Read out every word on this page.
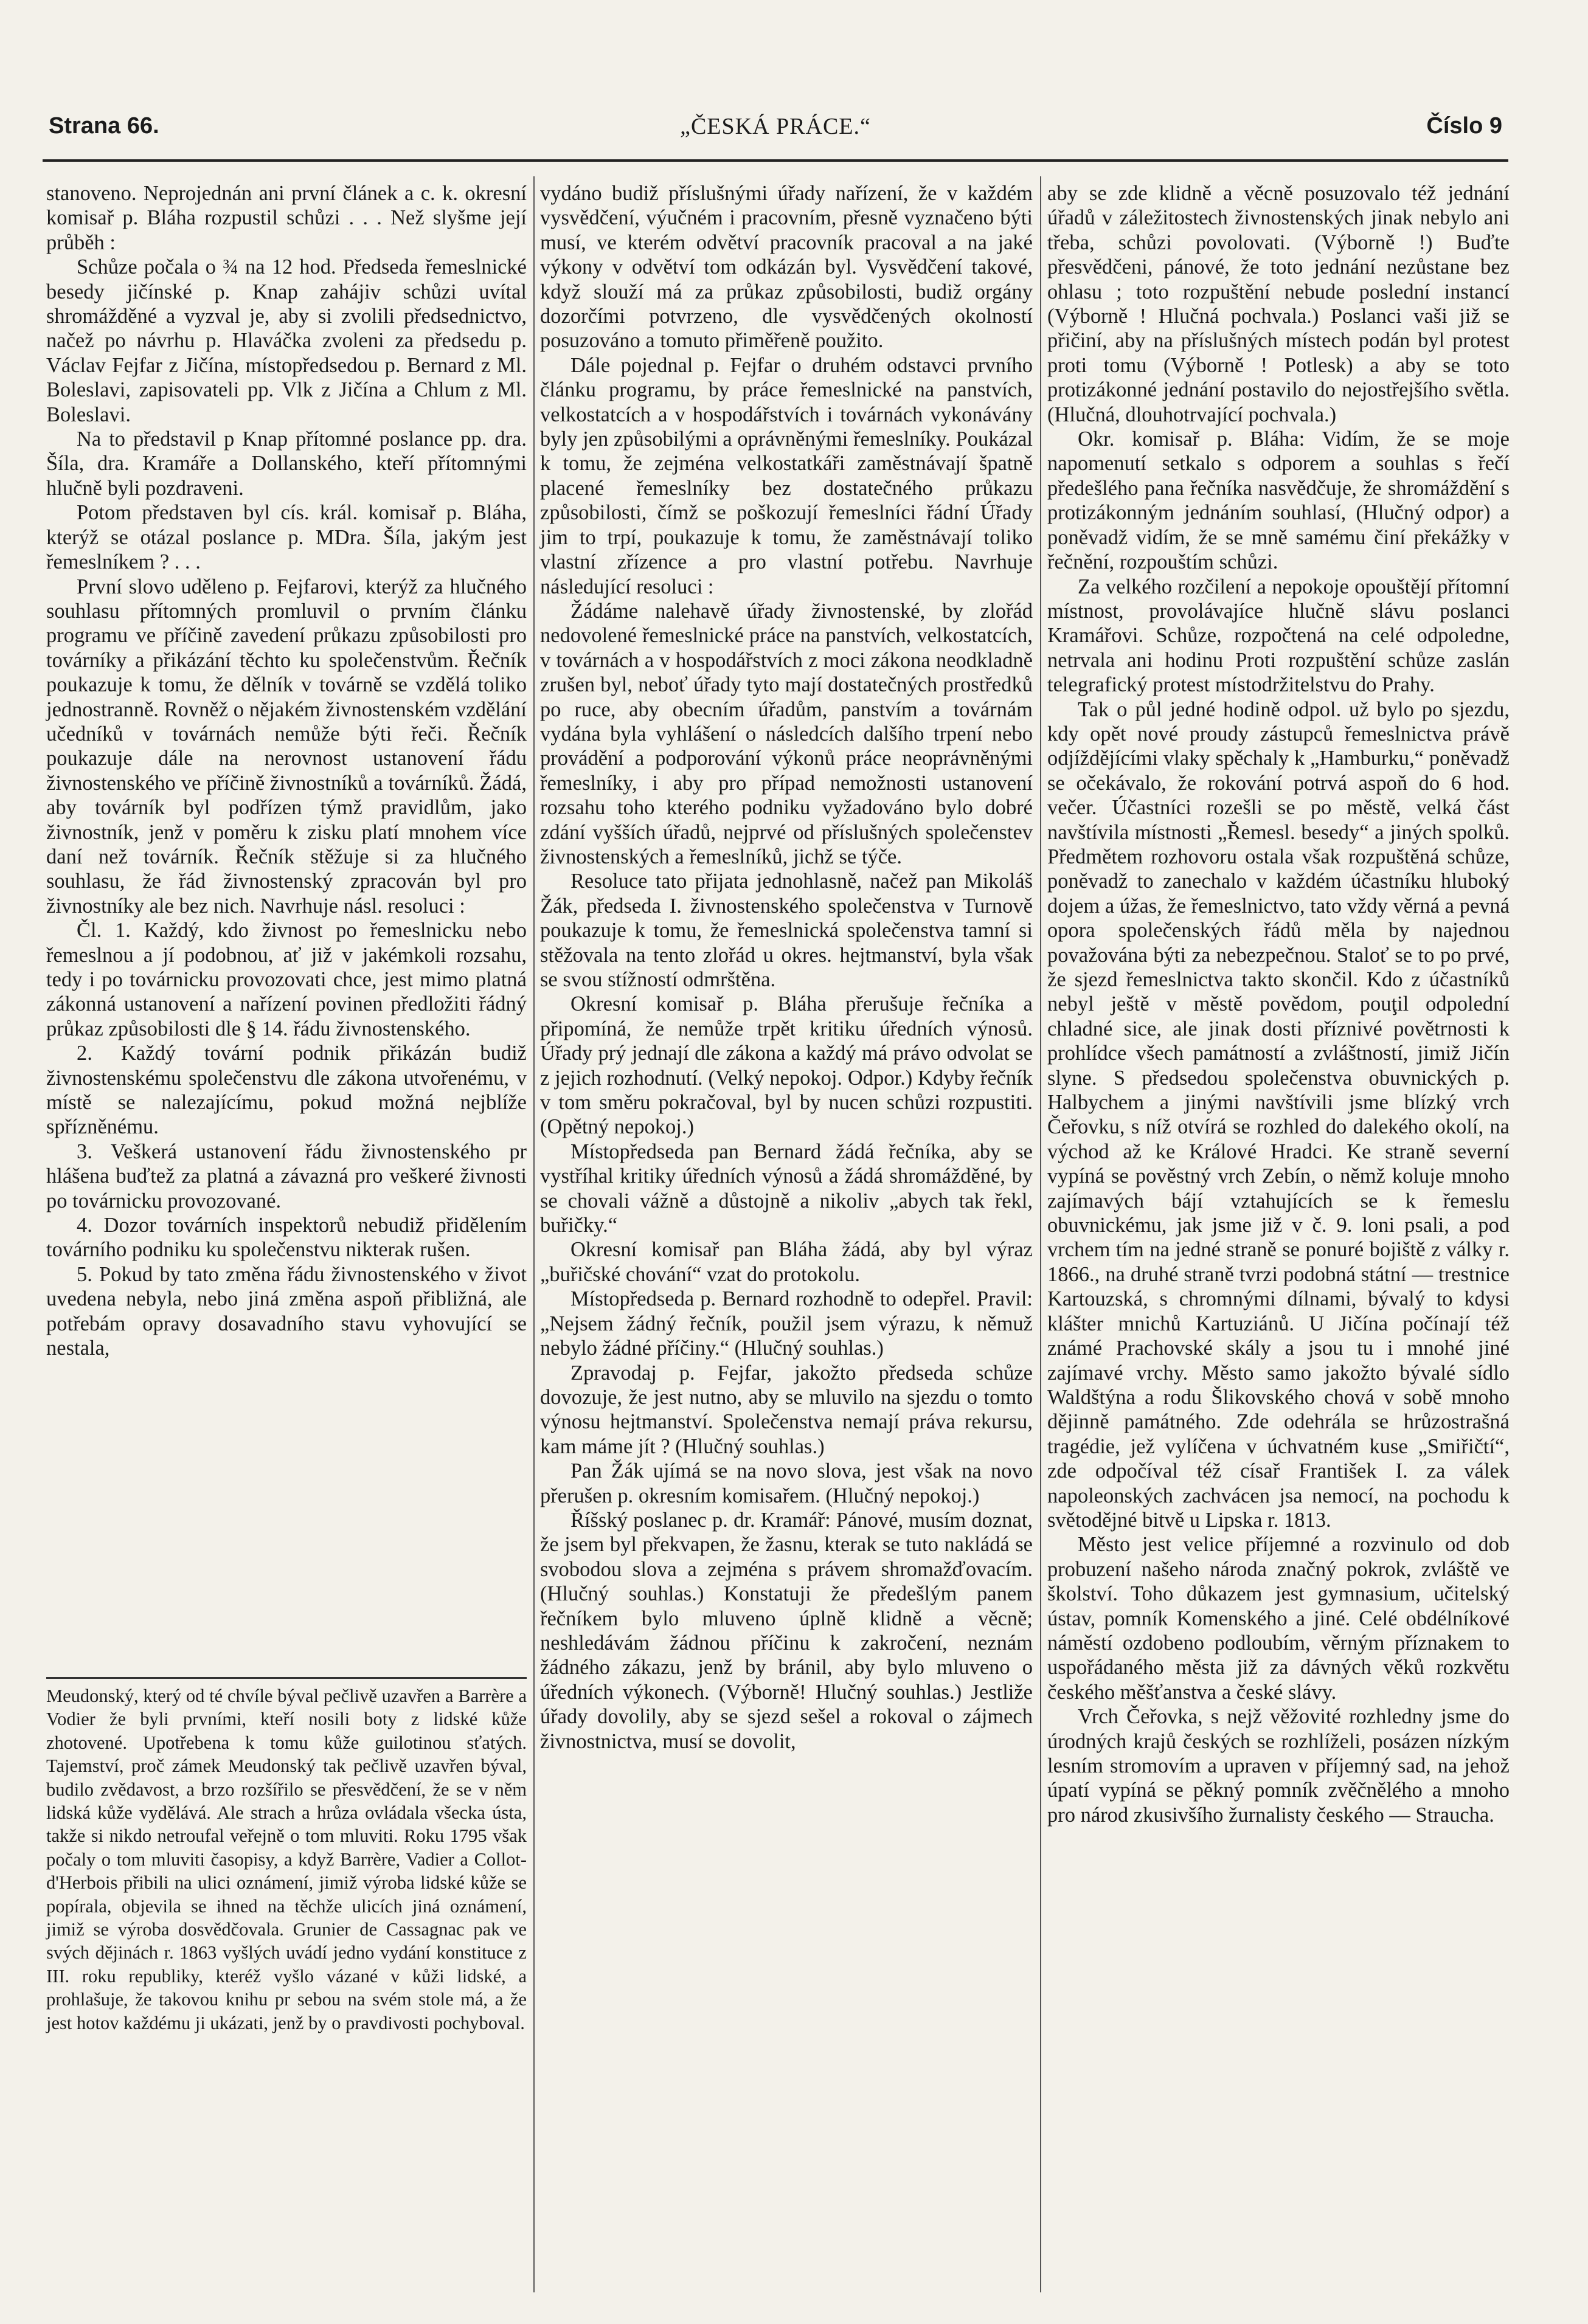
Strana 66.	„ČESKÁ PRÁCE.“	Číslo 9

stanoveno. Neprojednán ani první článek a c. k. okresní komisař p. Bláha rozpustil schůzi . . . Než slyšme její průběh :

Schůze počala o ¾ na 12 hod. Předseda řemeslnické besedy jičínské p. Knap zahájiv schůzi uvítal shromážděné a vyzval je, aby si zvolili předsednictvo, načež po návrhu p. Hlaváčka zvoleni za předsedu p. Václav Fejfar z Jičína, místopředsedou p. Bernard z Ml. Boleslavi, zapisovateli pp. Vlk z Jičína a Chlum z Ml. Boleslavi.

Na to představil p Knap přítomné poslance pp. dra. Šíla, dra. Kramáře a Dollanského, kteří přítomnými hlučně byli pozdraveni.

Potom představen byl cís. král. komisař p. Bláha, kterýž se otázal poslance p. MDra. Šíla, jakým jest řemeslníkem ? . . .

První slovo uděleno p. Fejfarovi, kterýž za hlučného souhlasu přítomných promluvil o prvním článku programu ve příčině zavedení průkazu způsobilosti pro továrníky a přikázání těchto ku společenstvům. Řečník poukazuje k tomu, že dělník v továrně se vzdělá toliko jednostranně. Rovněž o nějakém živnostenském vzdělání učedníků v továrnách nemůže býti řeči. Řečník poukazuje dále na nerovnost ustanovení řádu živnostenského ve příčině živnostníků a továrníků. Žádá, aby továrník byl podřízen týmž pravidlům, jako živnostník, jenž v poměru k zisku platí mnohem více daní než továrník. Řečník stěžuje si za hlučného souhlasu, že řád živnostenský zpracován byl pro živnostníky ale bez nich. Navrhuje násl. resoluci :

Čl. 1. Každý, kdo živnost po řemeslnicku nebo řemeslnou a jí podobnou, ať již v jakémkoli rozsahu, tedy i po továrnicku provozovati chce, jest mimo platná zákonná ustanovení a nařízení povinen předložiti řádný průkaz způsobilosti dle § 14. řádu živnostenského.

2. Každý tovární podnik přikázán budiž živnostenskému společenstvu dle zákona utvořenému, v místě se nalezajícímu, pokud možná nejblíže spřízněnému.

3. Veškerá ustanovení řádu živnostenského pr hlášena buďtež za platná a závazná pro veškeré živnosti po továrnicku provozované.

4. Dozor továrních inspektorů nebudiž přidělením továrního podniku ku společenstvu nikterak rušen.

5. Pokud by tato změna řádu živnostenského v život uvedena nebyla, nebo jiná změna aspoň přibližná, ale potřebám opravy dosavadního stavu vyhovující se nestala,

Meudonský, který od té chvíle býval pečlivě uzavřen a Barrère a Vodier že byli prvními, kteří nosili boty z lidské kůže zhotovené. Upotřebena k tomu kůže guilotinou sťatých. Tajemství, proč zámek Meudonský tak pečlivě uzavřen býval, budilo zvědavost, a brzo rozšířilo se přesvědčení, že se v něm lidská kůže vydělává. Ale strach a hrůza ovládala všecka ústa, takže si nikdo netroufal veřejně o tom mluviti. Roku 1795 však počaly o tom mluviti časopisy, a když Barrère, Vadier a Collot-d'Herbois přibili na ulici oznámení, jimiž výroba lidské kůže se popírala, objevila se ihned na těchže ulicích jiná oznámení, jimiž se výroba dosvědčovala. Grunier de Cassagnac pak ve svých dějinách r. 1863 vyšlých uvádí jedno vydání konstituce z III. roku republiky, kteréž vyšlo vázané v kůži lidské, a prohlašuje, že takovou knihu pr sebou na svém stole má, a že jest hotov každému ji ukázati, jenž by o pravdivosti pochyboval.

vydáno budiž příslušnými úřady nařízení, že v každém vysvědčení, výučném i pracovním, přesně vyznačeno býti musí, ve kterém odvětví pracovník pracoval a na jaké výkony v odvětví tom odkázán byl. Vysvědčení takové, když slouží má za průkaz způsobilosti, budiž orgány dozorčími potvrzeno, dle vysvědčených okolností posuzováno a tomuto přiměřeně použito.

Dále pojednal p. Fejfar o druhém odstavci prvního článku programu, by práce řemeslnické na panstvích, velkostatcích a v hospodářstvích i továrnách vykonávány byly jen způsobilými a oprávněnými řemeslníky. Poukázal k tomu, že zejména velkostatkáři zaměstnávají špatně placené řemeslníky bez dostatečného průkazu způsobilosti, čímž se poškozují řemeslníci řádní Úřady jim to trpí, poukazuje k tomu, že zaměstnávají toliko vlastní zřízence a pro vlastní potřebu. Navrhuje následující resoluci :

Žádáme nalehavě úřady živnostenské, by zlořád nedovolené řemeslnické práce na panstvích, velkostatcích, v továrnách a v hospodářstvích z moci zákona neodkladně zrušen byl, neboť úřady tyto mají dostatečných prostředků po ruce, aby obecním úřadům, panstvím a továrnám vydána byla vyhlášení o následcích dalšího trpení nebo provádění a podporování výkonů práce neoprávněnými řemeslníky, i aby pro případ nemožnosti ustanovení rozsahu toho kterého podniku vyžadováno bylo dobré zdání vyšších úřadů, nejprvé od příslušných společenstev živnostenských a řemeslníků, jichž se týče.

Resoluce tato přijata jednohlasně, načež pan Mikoláš Žák, předseda I. živnostenského společenstva v Turnově poukazuje k tomu, že řemeslnická společenstva tamní si stěžovala na tento zlořád u okres. hejtmanství, byla však se svou stížností odmrštěna.

Okresní komisař p. Bláha přerušuje řečníka a připomíná, že nemůže trpět kritiku úředních výnosů. Úřady prý jednají dle zákona a každý má právo odvolat se z jejich rozhodnutí. (Velký nepokoj. Odpor.) Kdyby řečník v tom směru pokračoval, byl by nucen schůzi rozpustiti. (Opětný nepokoj.)

Místopředseda pan Bernard žádá řečníka, aby se vystříhal kritiky úředních výnosů a žádá shromážděné, by se chovali vážně a důstojně a nikoliv „abych tak řekl, buřičky.“

Okresní komisař pan Bláha žádá, aby byl výraz „buřičské chování“ vzat do protokolu.

Místopředseda p. Bernard rozhodně to odepřel. Pravil: „Nejsem žádný řečník, použil jsem výrazu, k němuž nebylo žádné příčiny.“ (Hlučný souhlas.)

Zpravodaj p. Fejfar, jakožto předseda schůze dovozuje, že jest nutno, aby se mluvilo na sjezdu o tomto výnosu hejtmanství. Společenstva nemají práva rekursu, kam máme jít ? (Hlučný souhlas.)

Pan Žák ujímá se na novo slova, jest však na novo přerušen p. okresním komisařem. (Hlučný nepokoj.)

Říšský poslanec p. dr. Kramář: Pánové, musím doznat, že jsem byl překvapen, že žasnu, kterak se tuto nakládá se svobodou slova a zejména s právem shromažďovacím. (Hlučný souhlas.) Konstatuji že předešlým panem řečníkem bylo mluveno úplně klidně a věcně; neshledávám žádnou příčinu k zakročení, neznám žádného zákazu, jenž by bránil, aby bylo mluveno o úředních výkonech. (Výborně! Hlučný souhlas.) Jestliže úřady dovolily, aby se sjezd sešel a rokoval o zájmech živnostnictva, musí se dovolit,

aby se zde klidně a věcně posuzovalo též jednání úřadů v záležitostech živnostenských jinak nebylo ani třeba, schůzi povolovati. (Výborně !) Buďte přesvědčeni, pánové, že toto jednání nezůstane bez ohlasu ; toto rozpuštění nebude poslední instancí (Výborně ! Hlučná pochvala.) Poslanci vaši již se přičiní, aby na příslušných místech podán byl protest proti tomu (Výborně ! Potlesk) a aby se toto protizákonné jednání postavilo do nejostřejšího světla. (Hlučná, dlouhotrvající pochvala.)

Okr. komisař p. Bláha: Vidím, že se moje napomenutí setkalo s odporem a souhlas s řečí předešlého pana řečníka nasvědčuje, že shromáždění s protizákonným jednáním souhlasí, (Hlučný odpor) a poněvadž vidím, že se mně samému činí překážky v řečnění, rozpouštím schůzi.

Za velkého rozčilení a nepokoje opouštějí přítomní místnost, provolávajíce hlučně slávu poslanci Kramářovi. Schůze, rozpočtená na celé odpoledne, netrvala ani hodinu Proti rozpuštění schůze zaslán telegrafický protest místodržitelstvu do Prahy.

Tak o půl jedné hodině odpol. už bylo po sjezdu, kdy opět nové proudy zástupců řemeslnictva právě odjíždějícími vlaky spěchaly k „Hamburku,“ poněvadž se očekávalo, že rokování potrvá aspoň do 6 hod. večer. Účastníci rozešli se po městě, velká část navštívila místnosti „Řemesl. besedy“ a jiných spolků. Předmětem rozhovoru ostala však rozpuštěná schůze, poněvadž to zanechalo v každém účastníku hluboký dojem a úžas, že řemeslnictvo, tato vždy věrná a pevná opora společenských řádů měla by najednou považována býti za nebezpečnou. Staloť se to po prvé, že sjezd řemeslnictva takto skončil. Kdo z účastníků nebyl ještě v městě povědom, pouţil odpolední chladné sice, ale jinak dosti příznivé povětrnosti k prohlídce všech památností a zvláštností, jimiž Jičín slyne. S předsedou společenstva obuvnických p. Halbychem a jinými navštívili jsme blízký vrch Čeřovku, s níž otvírá se rozhled do dalekého okolí, na východ až ke Králové Hradci. Ke straně severní vypíná se pověstný vrch Zebín, o němž koluje mnoho zajímavých bájí vztahujících se k řemeslu obuvnickému, jak jsme již v č. 9. loni psali, a pod vrchem tím na jedné straně se ponuré bojiště z války r. 1866., na druhé straně tvrzi podobná státní — trestnice Kartouzská, s chromnými dílnami, bývalý to kdysi klášter mnichů Kartuziánů. U Jičína počínají též známé Prachovské skály a jsou tu i mnohé jiné zajímavé vrchy. Město samo jakožto bývalé sídlo Waldštýna a rodu Šlikovského chová v sobě mnoho dějinně památného. Zde odehrála se hrůzostrašná tragédie, jež vylíčena v úchvatném kuse „Smiřičtí“, zde odpočíval též císař František I. za válek napoleonských zachvácen jsa nemocí, na pochodu k světodějné bitvě u Lipska r. 1813.

Město jest velice příjemné a rozvinulo od dob probuzení našeho národa značný pokrok, zvláště ve školství. Toho důkazem jest gymnasium, učitelský ústav, pomník Komenského a jiné. Celé obdélníkové náměstí ozdobeno podloubím, věrným příznakem to uspořádaného města již za dávných věků rozkvětu českého měšťanstva a české slávy.

Vrch Čeřovka, s nejž věžovité rozhledny jsme do úrodných krajů českých se rozhlíželi, posázen nízkým lesním stromovím a upraven v příjemný sad, na jehož úpatí vypíná se pěkný pomník zvěčnělého a mnoho pro národ zkusivšího žurnalisty českého — Strauchа.
